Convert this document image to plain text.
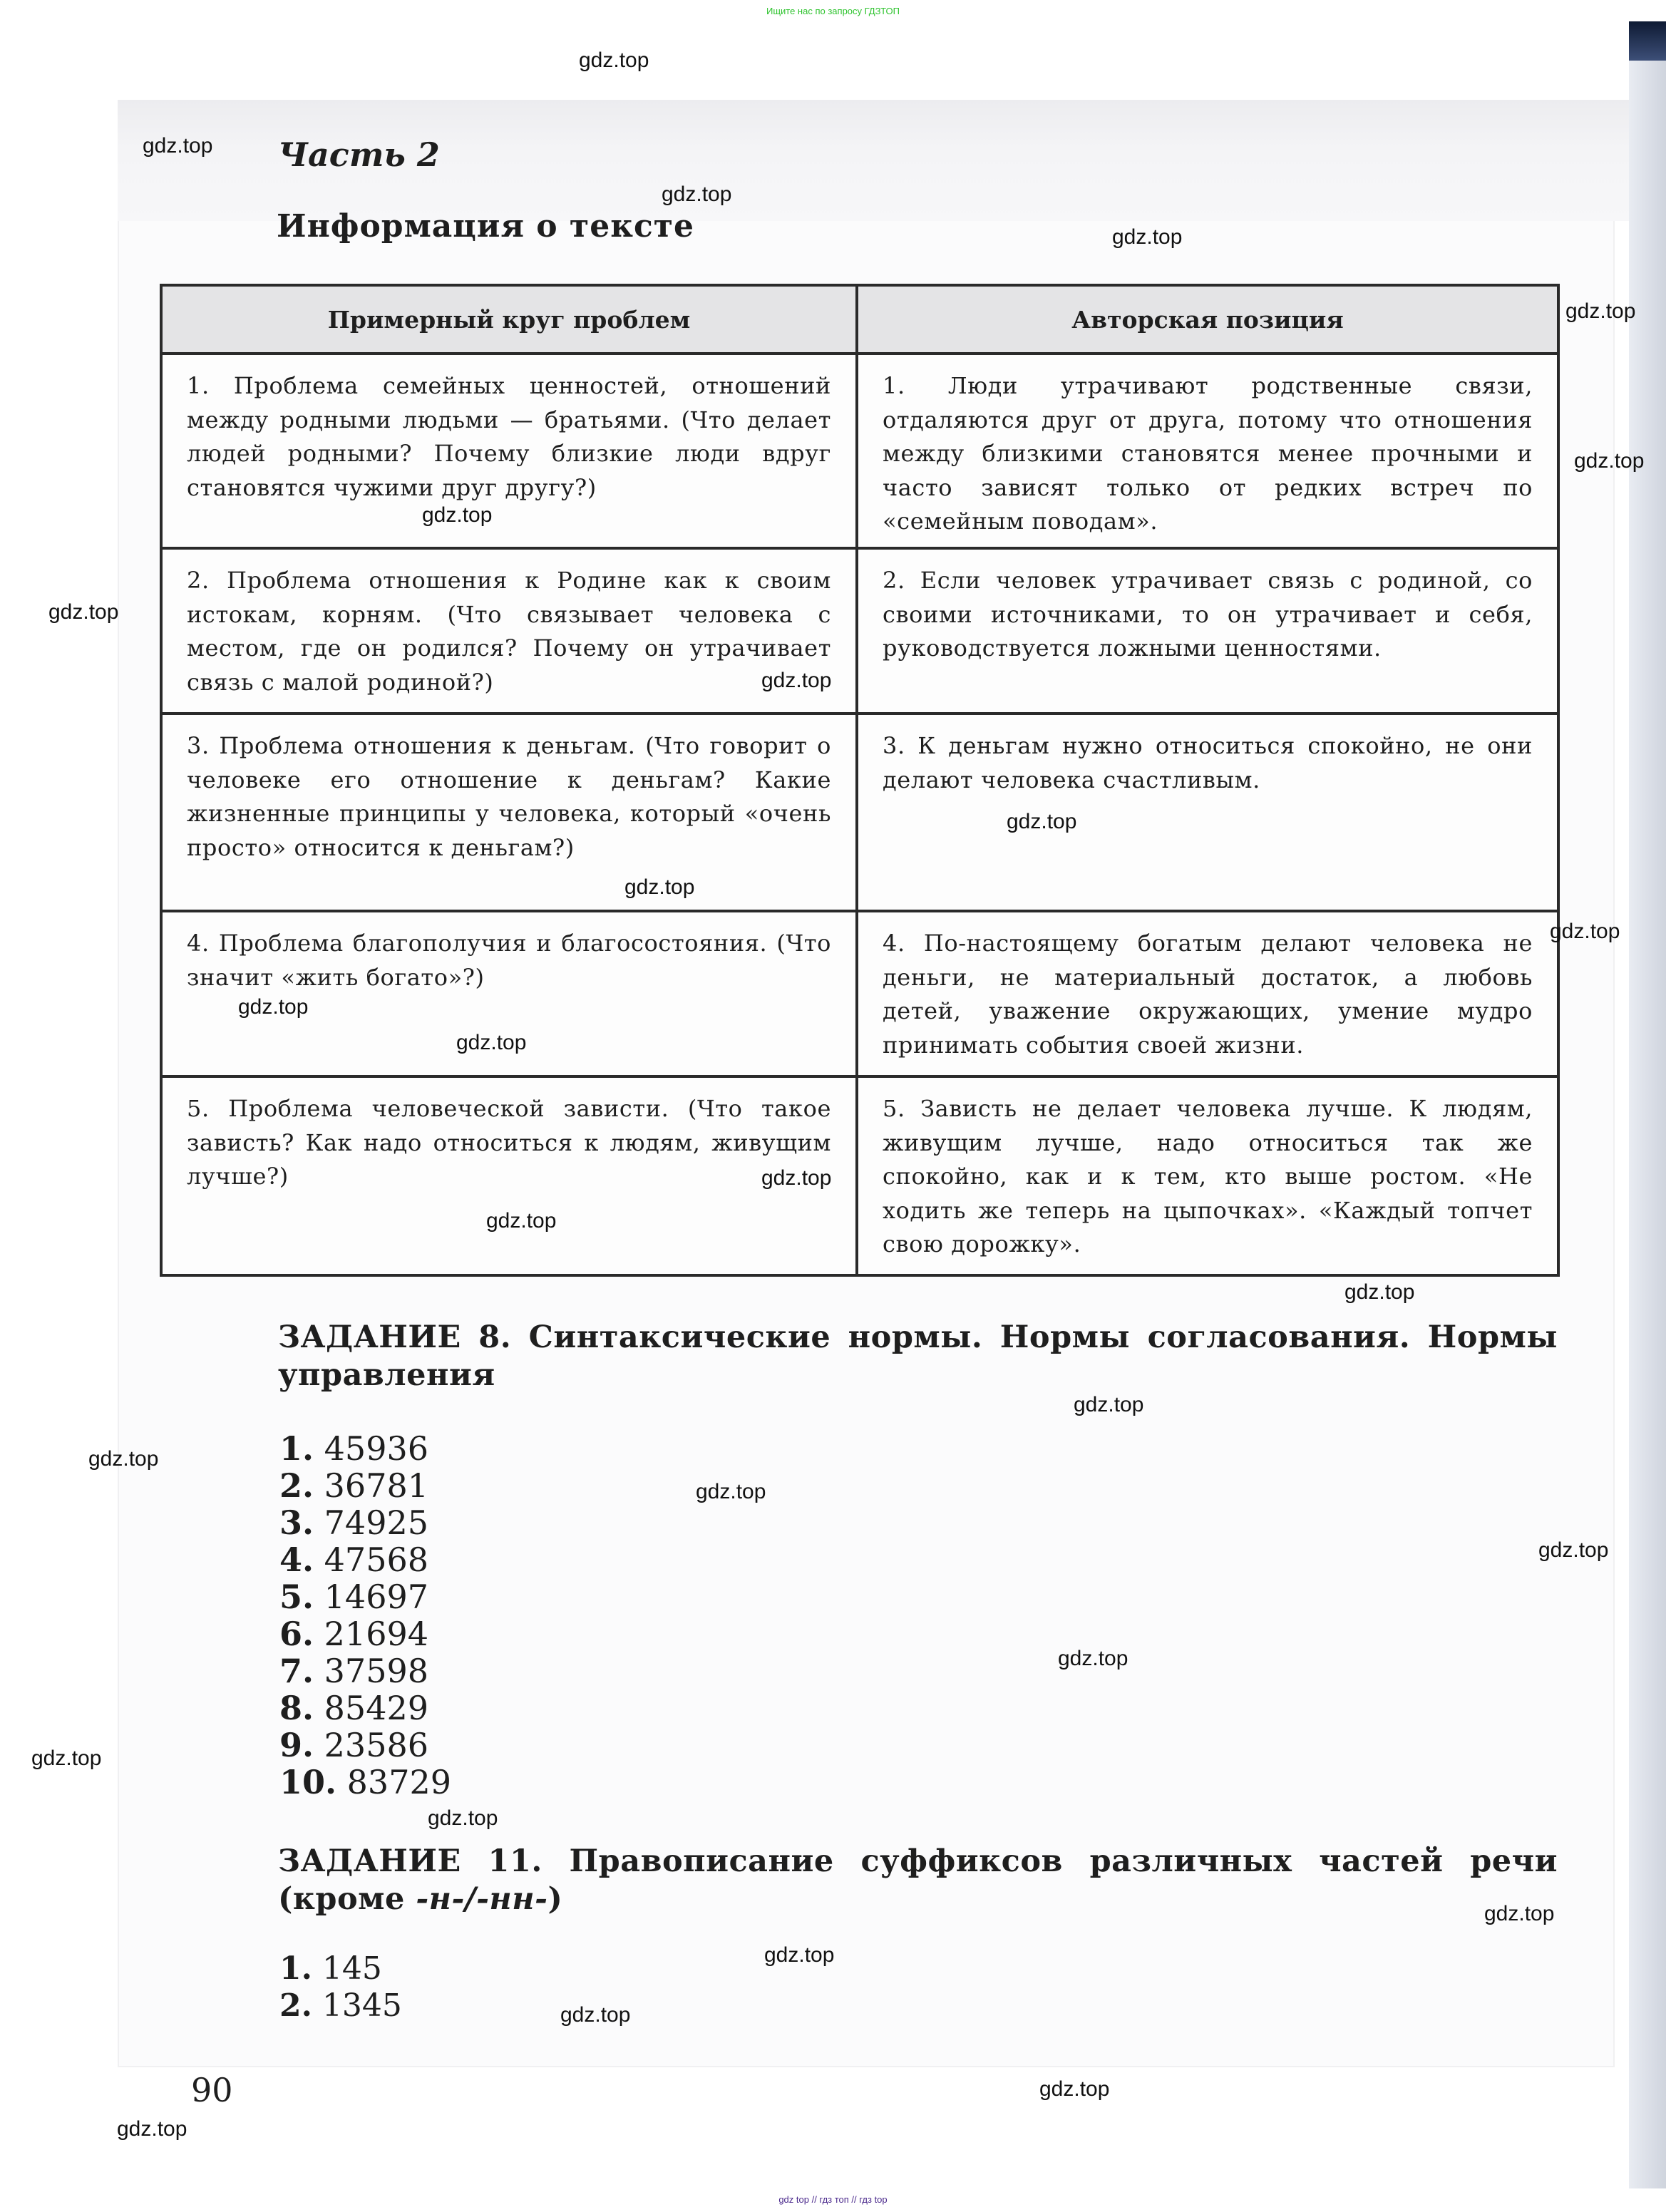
Ищите нас по запросу ГДЗТОП
Часть 2
Информация о тексте
Примерный круг проблем	Авторская позиция
1. Проблема семейных ценностей, отношений между родными людьми — братьями. (Что делает людей родными? Почему близкие люди вдруг становятся чужими друг другу?)	1. Люди утрачивают родственные связи, отдаляются друг от друга, потому что отношения между близкими становятся менее прочными и часто зависят только от редких встреч по «семейным поводам».
2. Проблема отношения к Родине как к своим истокам, корням. (Что связывает человека с местом, где он родился? Почему он утрачивает связь с малой родиной?)	2. Если человек утрачивает связь с родиной, со своими источниками, то он утрачивает и себя, руководствуется ложными ценностями.
3. Проблема отношения к деньгам. (Что говорит о человеке его отношение к деньгам? Какие жизненные принципы у человека, который «очень просто» относится к деньгам?)	3. К деньгам нужно относиться спокойно, не они делают человека счастливым.
4. Проблема благополучия и благосостояния. (Что значит «жить богато»?)	4. По-настоящему богатым делают человека не деньги, не материальный достаток, а любовь детей, уважение окружающих, умение мудро принимать события своей жизни.
5. Проблема человеческой зависти. (Что такое зависть? Как надо относиться к людям, живущим лучше?)	5. Зависть не делает человека лучше. К людям, живущим лучше, надо относиться так же спокойно, как и к тем, кто выше ростом. «Не ходить же теперь на цыпочках». «Каждый топчет свою дорожку».
ЗАДАНИЕ 8. Синтаксические нормы. Нормы согласования. Нормы управления
1. 45936
2. 36781
3. 74925
4. 47568
5. 14697
6. 21694
7. 37598
8. 85429
9. 23586
10. 83729
ЗАДАНИЕ 11. Правописание суффиксов различных частей речи (кроме -н-/-нн-)
1. 145
2. 1345
90
gdz.top
gdz.top
gdz.top
gdz.top
gdz.top
gdz.top
gdz.top
gdz.top
gdz.top
gdz.top
gdz.top
gdz.top
gdz.top
gdz.top
gdz.top
gdz.top
gdz.top
gdz.top
gdz.top
gdz.top
gdz.top
gdz.top
gdz.top
gdz.top
gdz.top
gdz.top
gdz.top
gdz.top
gdz.top
gdz top // гдз топ // гдз top
